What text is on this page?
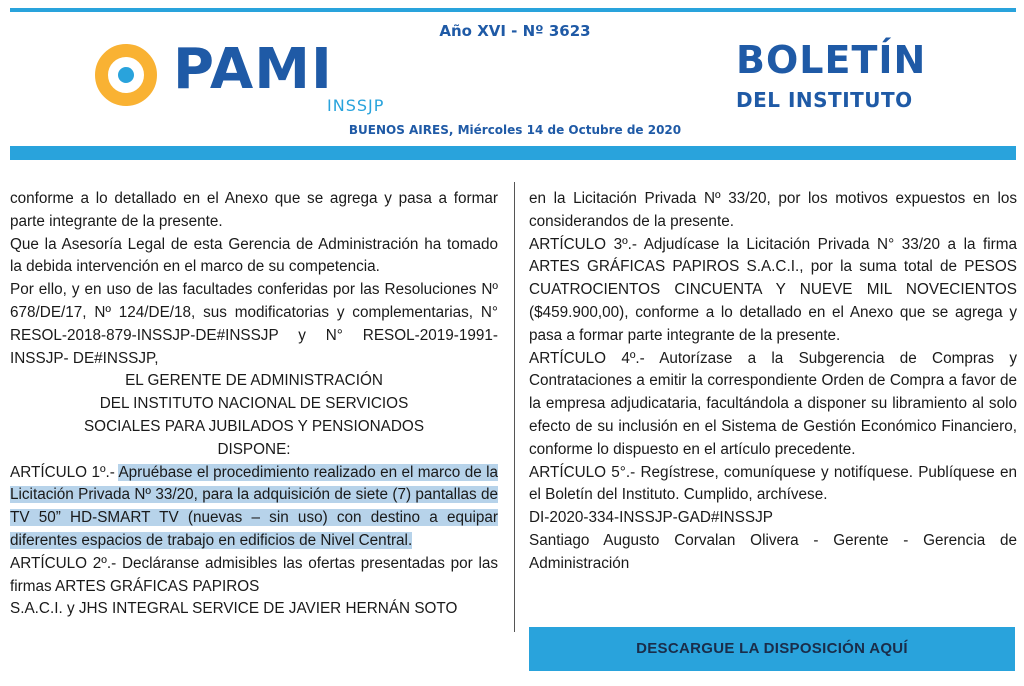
PAMI
INSSJP
Año XVI - Nº 3623
BUENOS AIRES, Miércoles 14 de Octubre de 2020
BOLETÍN
DEL INSTITUTO

conforme a lo detallado en el Anexo que se agrega y pasa a formar parte integrante de la presente.

Que la Asesoría Legal de esta Gerencia de Administración ha tomado la debida intervención en el marco de su competencia.

Por ello, y en uso de las facultades conferidas por las Resoluciones Nº 678/DE/17, Nº 124/DE/18, sus modificatorias y complementarias, N° RESOL-2018-879-INSSJP-DE#INSSJP y N° RESOL-2019-1991-INSSJP- DE#INSSJP,

EL GERENTE DE ADMINISTRACIÓN

DEL INSTITUTO NACIONAL DE SERVICIOS

SOCIALES PARA JUBILADOS Y PENSIONADOS

DISPONE:

ARTÍCULO 1º.- Apruébase el procedimiento realizado en el marco de la Licitación Privada Nº 33/20, para la adquisición de siete (7) pantallas de TV 50” HD-SMART TV (nuevas – sin uso) con destino a equipar diferentes espacios de trabajo en edificios de Nivel Central.

ARTÍCULO 2º.- Decláranse admisibles las ofertas presentadas por las firmas ARTES GRÁFICAS PAPIROS

S.A.C.I. y JHS INTEGRAL SERVICE DE JAVIER HERNÁN SOTO

en la Licitación Privada Nº 33/20, por los motivos expuestos en los considerandos de la presente.

ARTÍCULO 3º.- Adjudícase la Licitación Privada N° 33/20 a la firma ARTES GRÁFICAS PAPIROS S.A.C.I., por la suma total de PESOS CUATROCIENTOS CINCUENTA Y NUEVE MIL NOVECIENTOS ($459.900,00), conforme a lo detallado en el Anexo que se agrega y pasa a formar parte integrante de la presente.

ARTÍCULO 4º.- Autorízase a la Subgerencia de Compras y Contrataciones a emitir la correspondiente Orden de Compra a favor de la empresa adjudicataria, facultándola a disponer su libramiento al solo efecto de su inclusión en el Sistema de Gestión Económico Financiero, conforme lo dispuesto en el artículo precedente.

ARTÍCULO 5°.- Regístrese, comuníquese y notifíquese. Publíquese en el Boletín del Instituto. Cumplido, archívese.

DI-2020-334-INSSJP-GAD#INSSJP

Santiago Augusto Corvalan Olivera - Gerente - Gerencia de Administración

DESCARGUE LA DISPOSICIÓN AQUÍ
